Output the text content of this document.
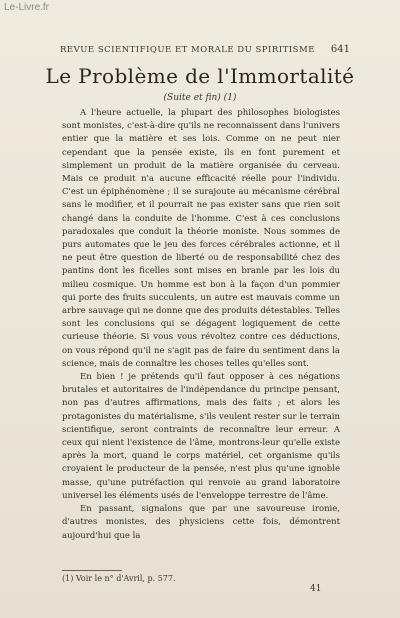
Le-Livre.fr
REVUE SCIENTIFIQUE ET MORALE DU SPIRITISME 641
Le Problème de l'Immortalité
(Suite et fin) (1)

A l'heure actuelle, la plupart des philosophes biologistes sont monistes, c'est-à-dire qu'ils ne reconnaissent dans l'univers entier que la matière et ses lois. Comme on ne peut nier cependant que la pensée existe, ils en font purement et simplement un produit de la matière organisée du cerveau. Mais ce produit n'a aucune efficacité réelle pour l'individu. C'est un épiphénomène ; il se surajoute au mécanisme cérébral sans le modifier, et il pourrait ne pas exister sans que rien soit changé dans la conduite de l'homme. C'est à ces conclusions paradoxales que conduit la théorie moniste. Nous sommes de purs automates que le jeu des forces cérébrales actionne, et il ne peut être question de liberté ou de responsabilité chez des pantins dont les ficelles sont mises en branle par les lois du milieu cosmique. Un homme est bon à la façon d'un pommier qui porte des fruits succulents, un autre est mauvais comme un arbre sauvage qui ne donne que des produits détestables. Telles sont les conclusions qui se dégagent logiquement de cette curieuse théorie. Si vous vous révoltez contre ces déductions, on vous répond qu'il ne s'agit pas de faire du sentiment dans la science, mais de connaître les choses telles qu'elles sont.

En bien ! je prétends qu'il faut opposer à ces négations brutales et autoritaires de l'indépendance du principe pensant, non pas d'autres affirmations, mais des faits ; et alors les protagonistes du matérialisme, s'ils veulent rester sur le terrain scientifique, seront contraints de reconnaître leur erreur. A ceux qui nient l'existence de l'âme, montrons-leur qu'elle existe après la mort, quand le corps matériel, cet organisme qu'ils croyaient le producteur de la pensée, n'est plus qu'une ignoble masse, qu'une putréfaction qui renvoie au grand laboratoire universel les éléments usés de l'enveloppe terrestre de l'âme.

En passant, signalons que par une savoureuse ironie, d'autres monistes, des physiciens cette fois, démontrent aujourd'hui que la

(1) Voir le n° d'Avril, p. 577.
41
